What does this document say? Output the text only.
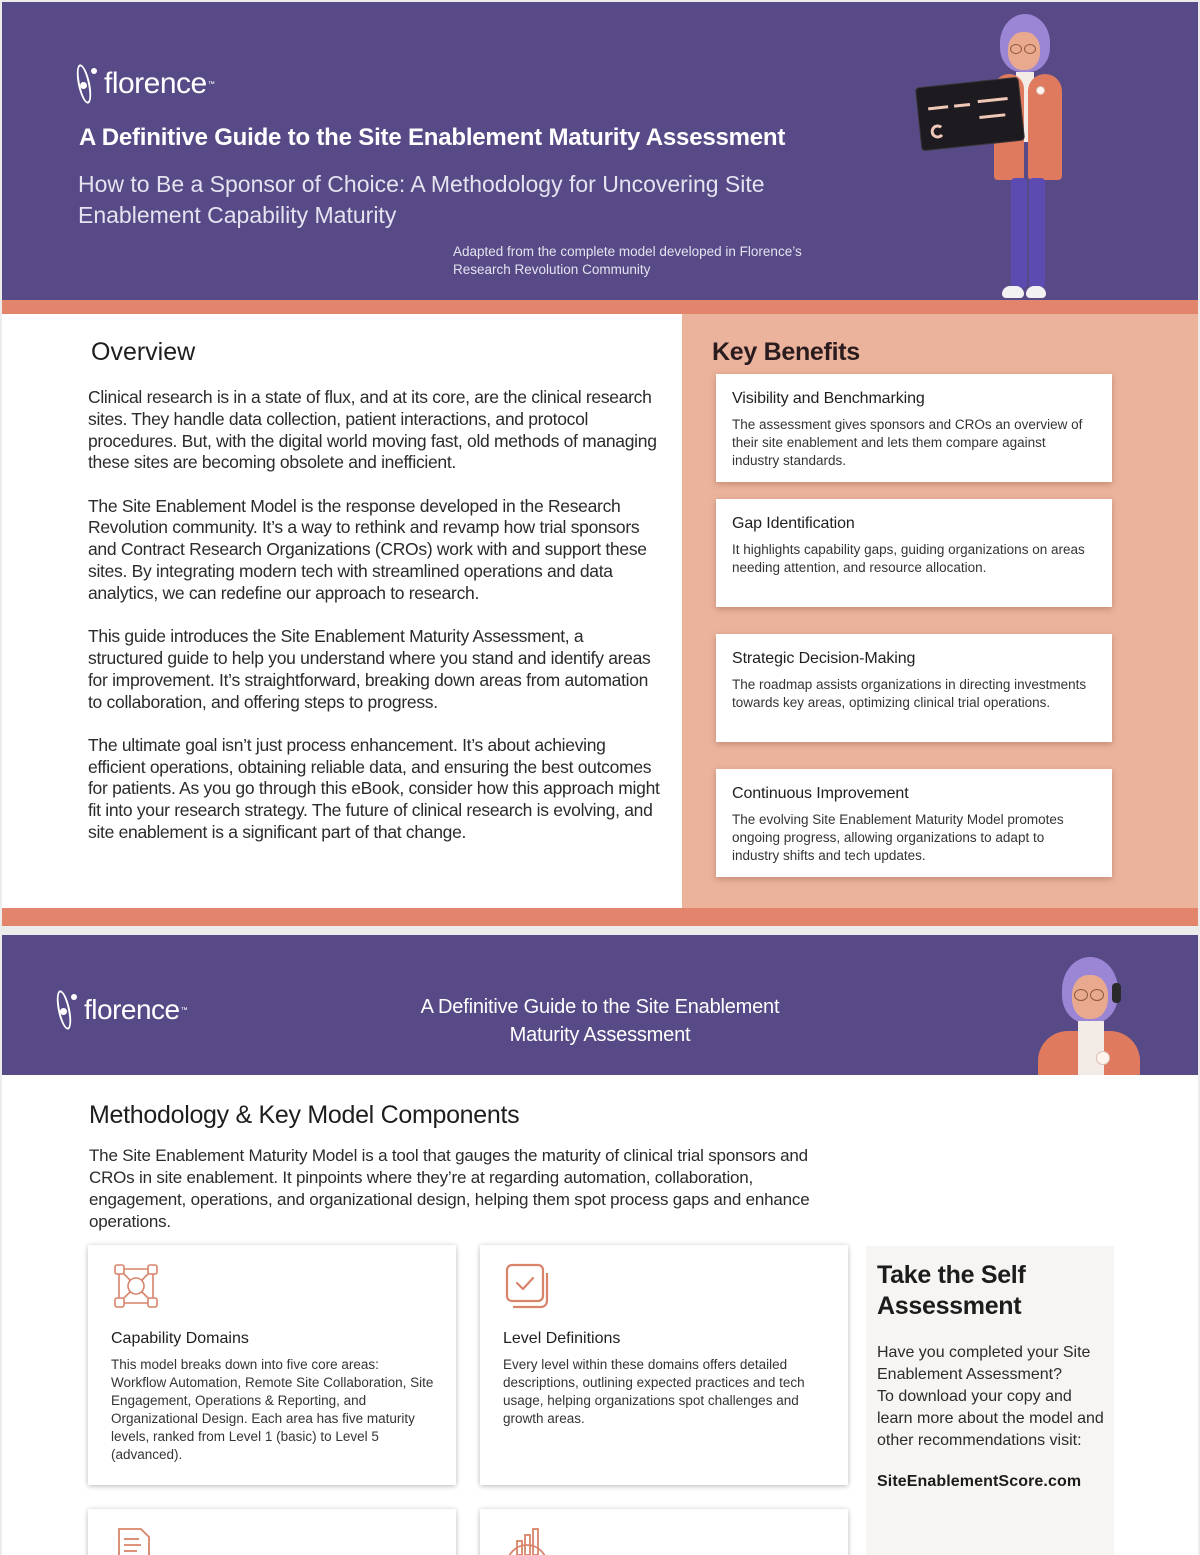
florence ™
A Definitive Guide to the Site Enablement Maturity Assessment
How to Be a Sponsor of Choice: A Methodology for Uncovering Site Enablement Capability Maturity
Adapted from the complete model developed in Florence’s Research Revolution Community
Overview

Clinical research is in a state of flux, and at its core, are the clinical research sites. They handle data collection, patient interactions, and protocol procedures. But, with the digital world moving fast, old methods of managing these sites are becoming obsolete and inefficient.

The Site Enablement Model is the response developed in the Research Revolution community. It’s a way to rethink and revamp how trial sponsors and Contract Research Organizations (CROs) work with and support these sites. By integrating modern tech with streamlined operations and data analytics, we can redefine our approach to research.

This guide introduces the Site Enablement Maturity Assessment, a structured guide to help you understand where you stand and identify areas for improvement. It’s straightforward, breaking down areas from automation to collaboration, and offering steps to progress.

The ultimate goal isn’t just process enhancement. It’s about achieving efficient operations, obtaining reliable data, and ensuring the best outcomes for patients. As you go through this eBook, consider how this approach might fit into your research strategy. The future of clinical research is evolving, and site enablement is a significant part of that change.

Key Benefits
Visibility and Benchmarking

The assessment gives sponsors and CROs an overview of their site enablement and lets them compare against industry standards.

Gap Identification

It highlights capability gaps, guiding organizations on areas needing attention, and resource allocation.

Strategic Decision-Making

The roadmap assists organizations in directing investments towards key areas, optimizing clinical trial operations.

Continuous Improvement

The evolving Site Enablement Maturity Model promotes ongoing progress, allowing organizations to adapt to industry shifts and tech updates.

florence ™	A Definitive Guide to the Site Enablement Maturity Assessment
Methodology & Key Model Components

The Site Enablement Maturity Model is a tool that gauges the maturity of clinical trial sponsors and CROs in site enablement. It pinpoints where they’re at regarding automation, collaboration, engagement, operations, and organizational design, helping them spot process gaps and enhance operations.

Capability Domains

This model breaks down into five core areas: Workflow Automation, Remote Site Collaboration, Site Engagement, Operations & Reporting, and Organizational Design. Each area has five maturity levels, ranked from Level 1 (basic) to Level 5 (advanced).

Level Definitions

Every level within these domains offers detailed descriptions, outlining expected practices and tech usage, helping organizations spot challenges and growth areas.

Take the Self Assessment

Have you completed your Site Enablement Assessment?

To download your copy and learn more about the model and other recommendations visit:

SiteEnablementScore.com
